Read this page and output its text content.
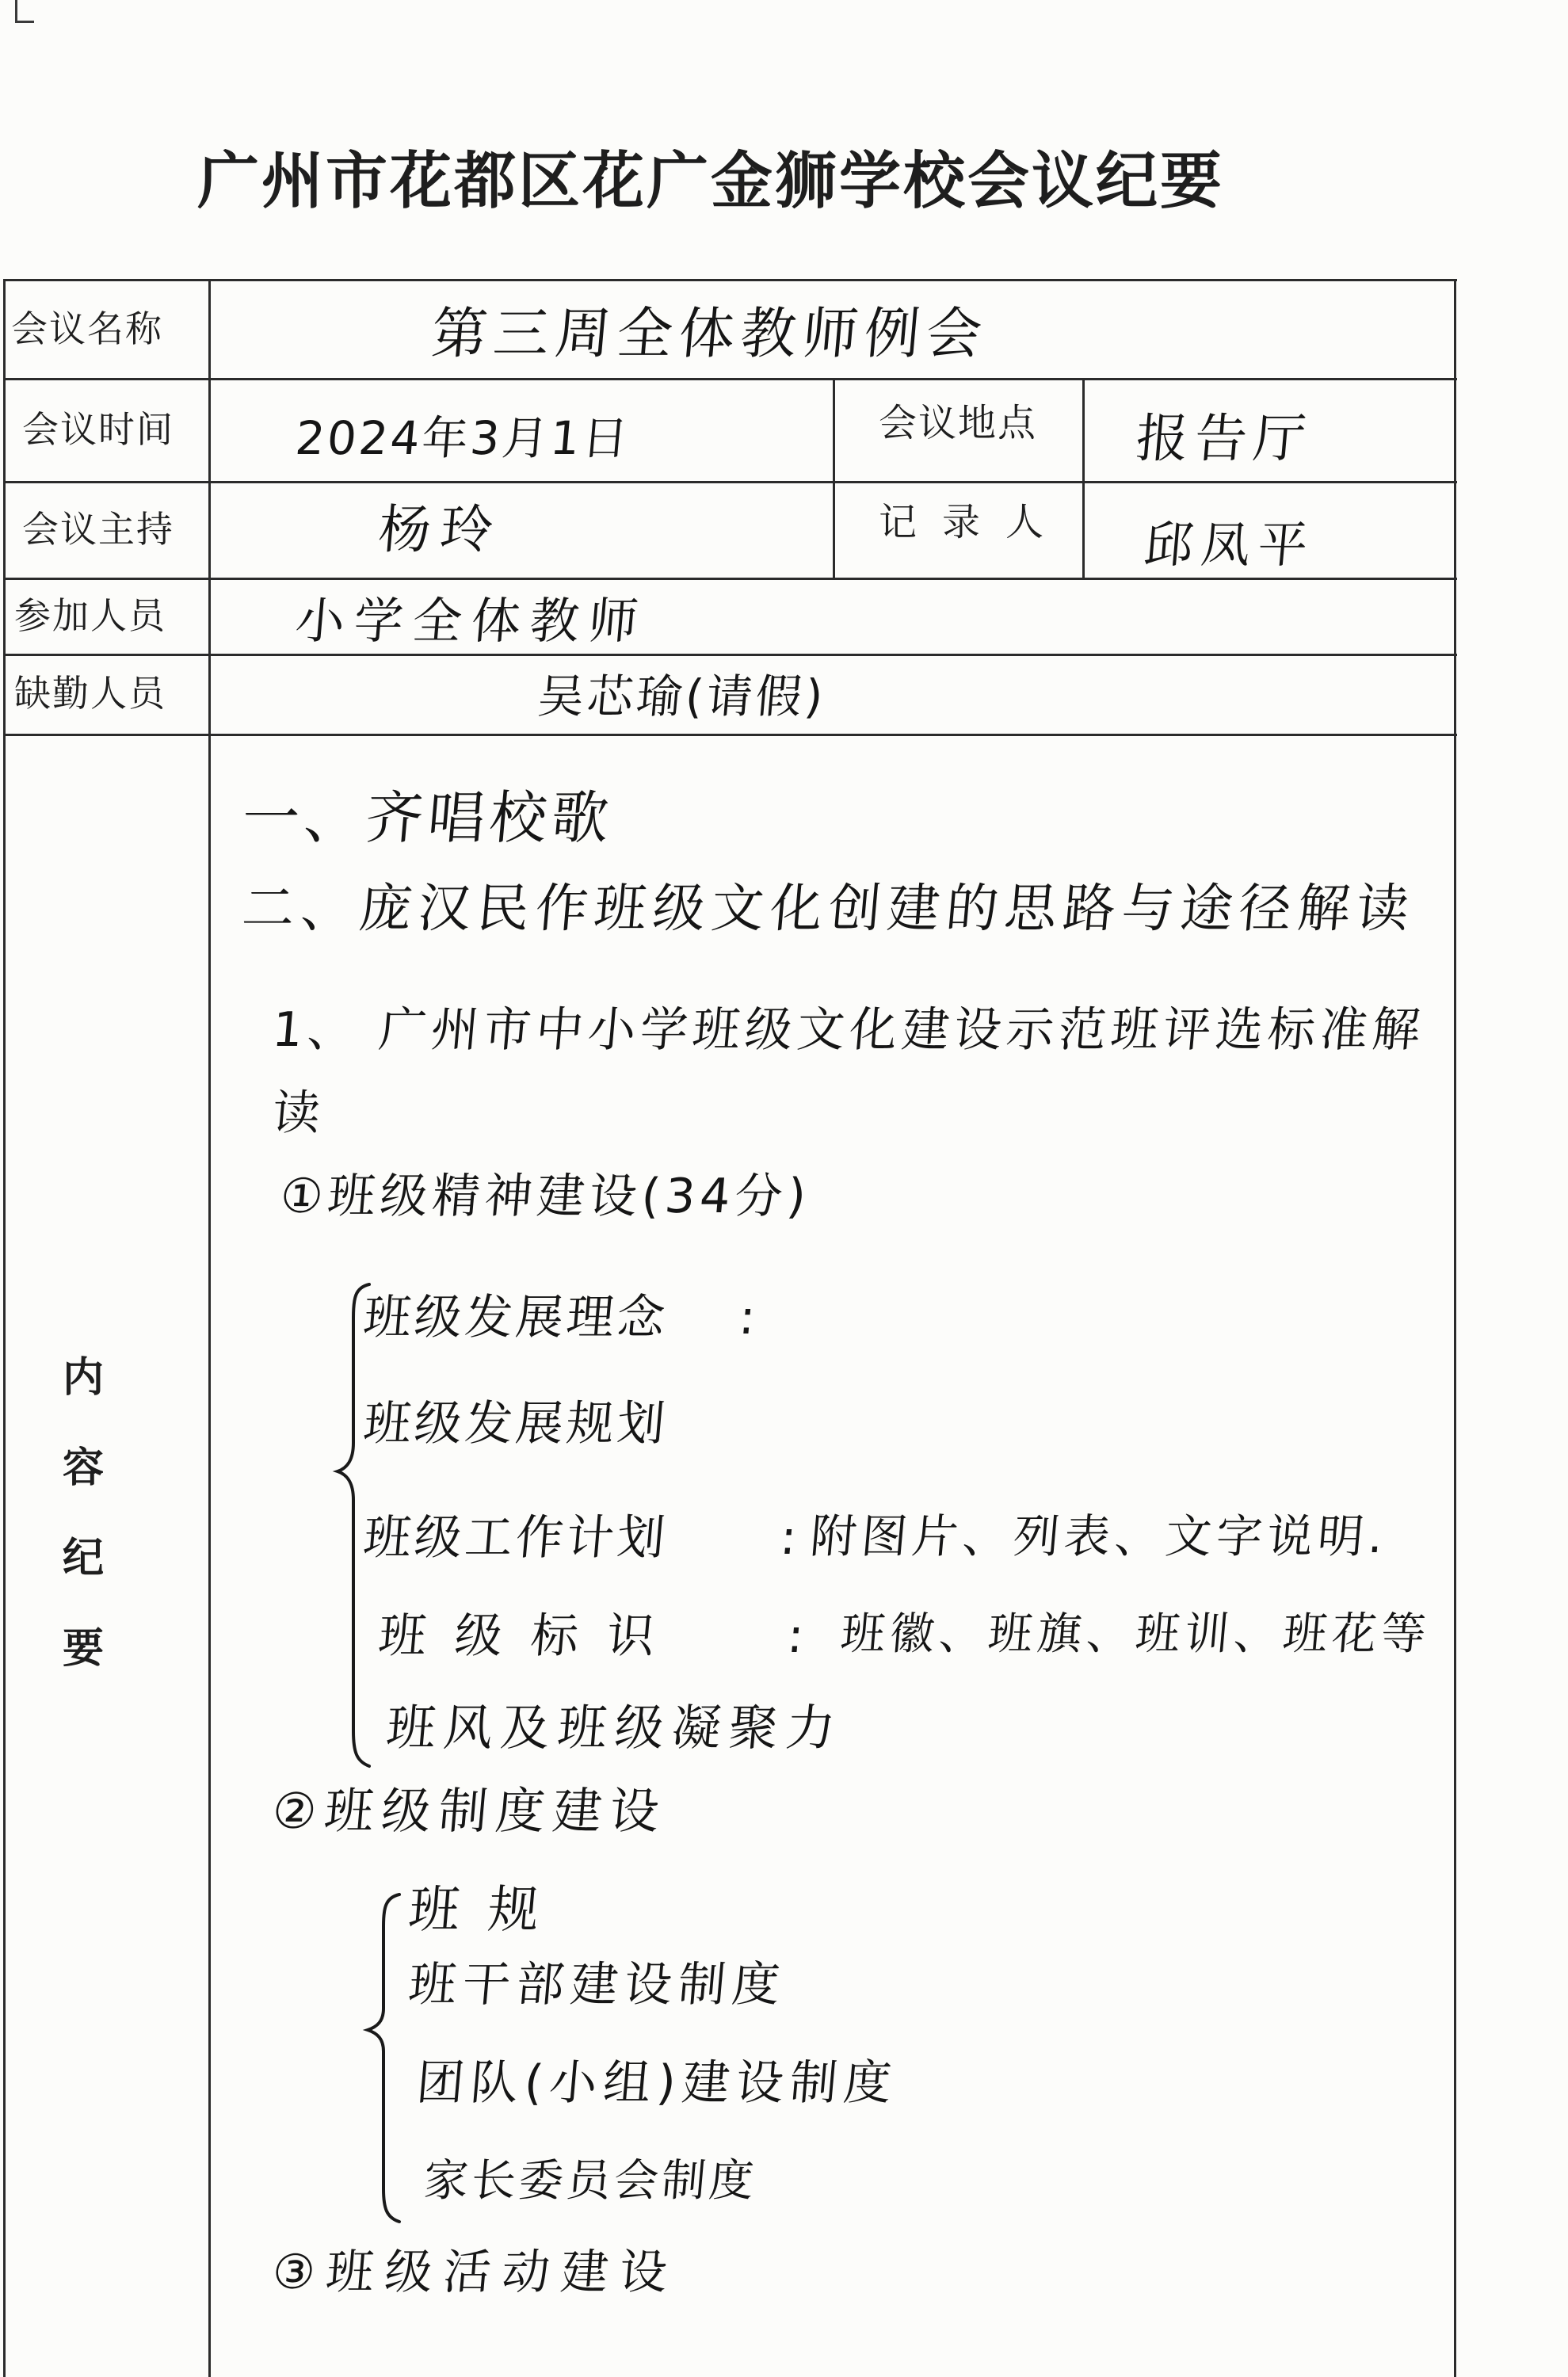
广州市花都区花广金狮学校会议纪要
会议名称
会议时间
会议主持
参加人员
缺勤人员
会议地点
记 录 人
第三周全体教师例会
2024年3月1日	报告厅
杨玲	邱凤平
小学全体教师
吴芯瑜(请假)
内
容
纪
要
一、齐唱校歌
二、庞汉民作班级文化创建的思路与途径解读
1、 广州市中小学班级文化建设示范班评选标准解
读
①班级精神建设(34分)
班级发展理念 :
班级发展规划
班级工作计划 : 附图片、列表、文字说明.
班级标识 : 班徽、班旗、班训、班花等
班风及班级凝聚力
②班级制度建设
班规
班干部建设制度
团队(小组)建设制度
家长委员会制度
③班级活动建设
